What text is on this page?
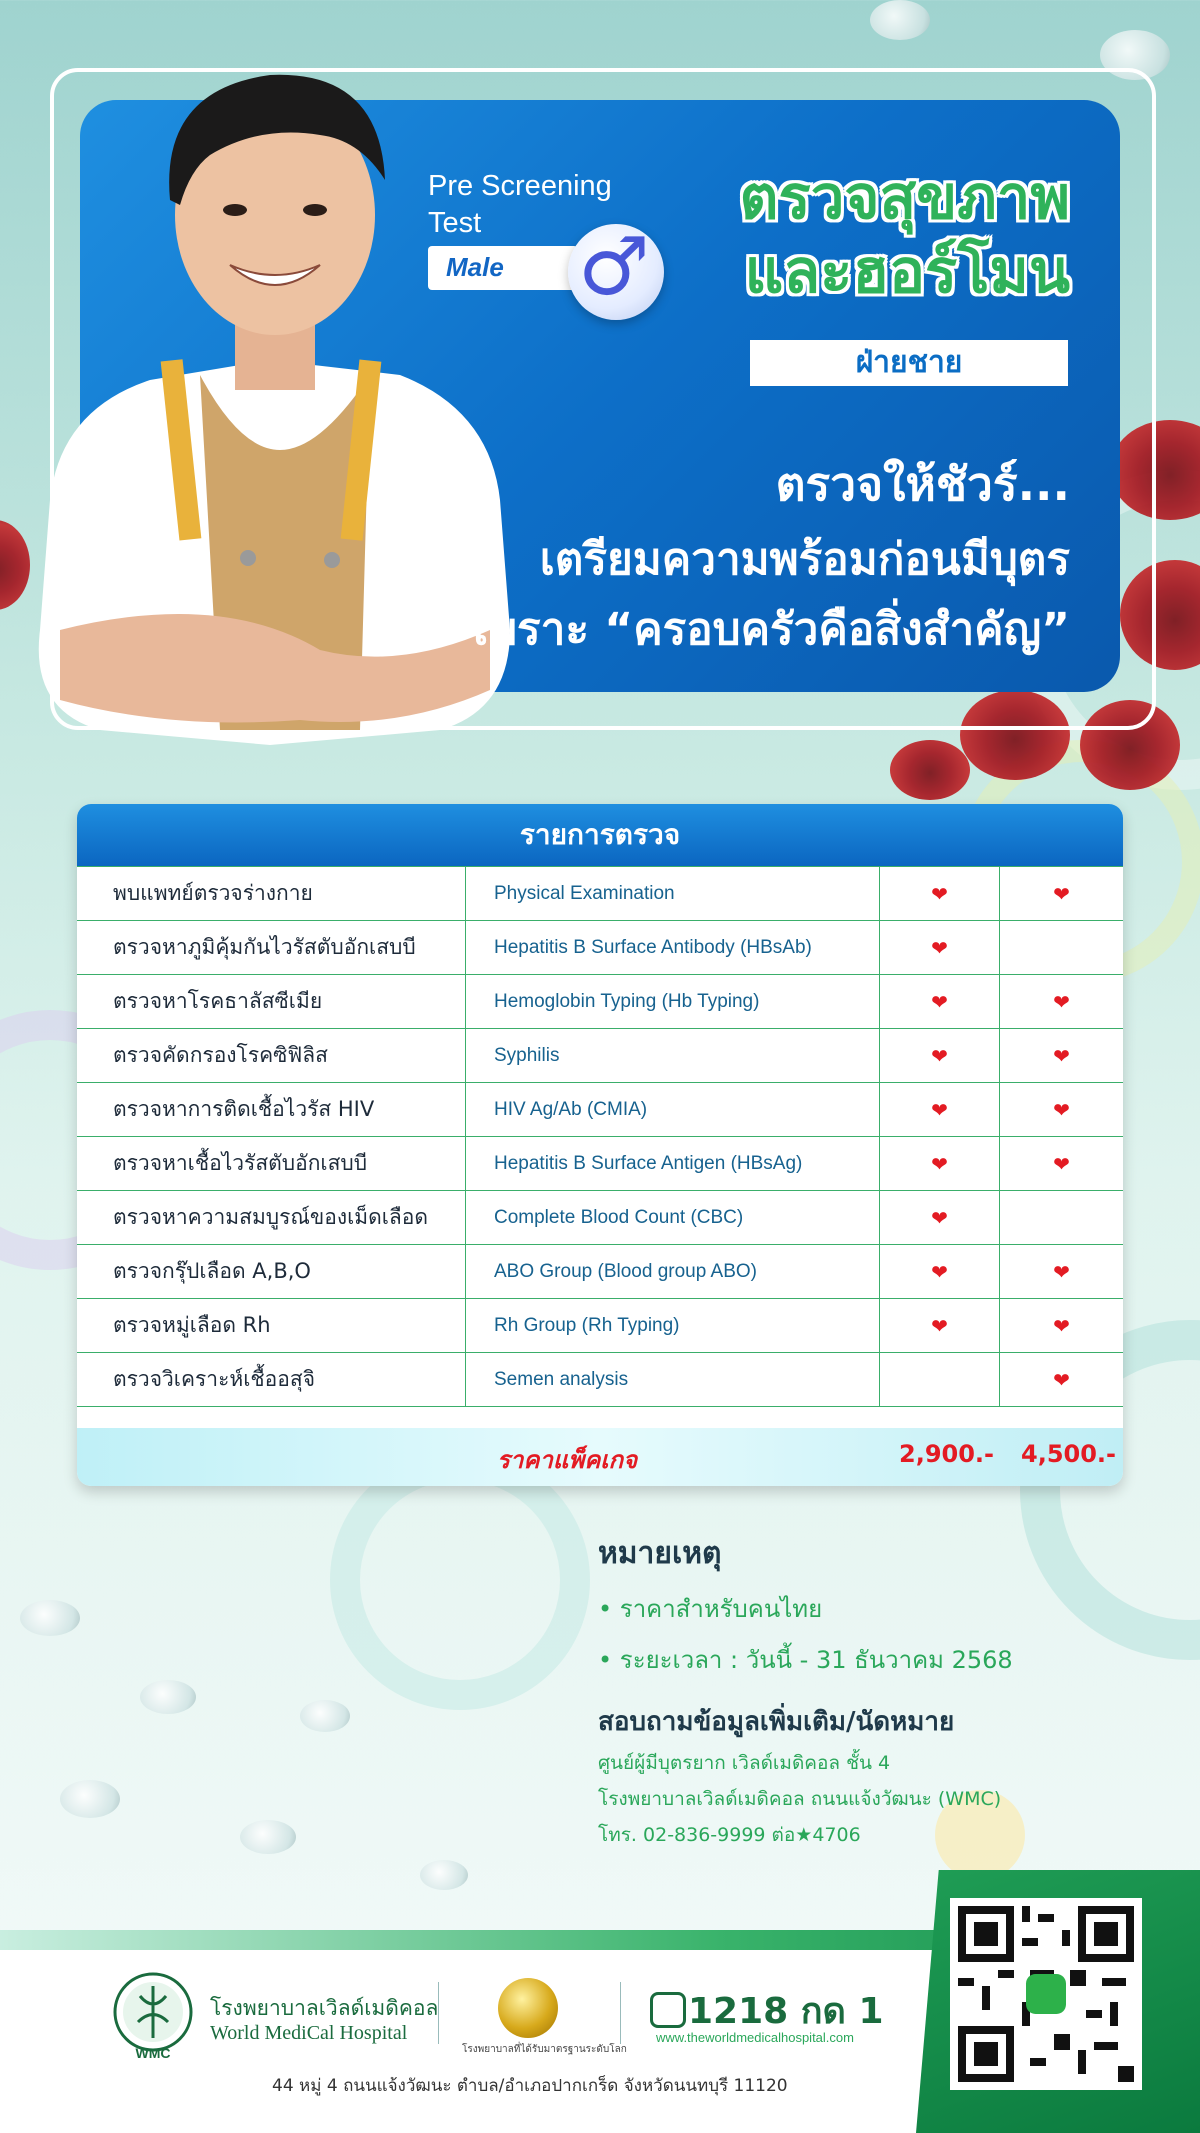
Pre Screening Test
Male ♂
ตรวจสุขภาพ
และฮอร์โมน
ฝ่ายชาย
ตรวจให้ชัวร์...
เตรียมความพร้อมก่อนมีบุตร
เพราะ “ครอบครัวคือสิ่งสำคัญ”
รายการตรวจ
พบแพทย์ตรวจร่างกาย	Physical Examination	❤	❤
ตรวจหาภูมิคุ้มกันไวรัสตับอักเสบบี	Hepatitis B Surface Antibody (HBsAb)	❤	
ตรวจหาโรคธาลัสซีเมีย	Hemoglobin Typing (Hb Typing)	❤	❤
ตรวจคัดกรองโรคซิฟิลิส	Syphilis	❤	❤
ตรวจหาการติดเชื้อไวรัส HIV	HIV Ag/Ab (CMIA)	❤	❤
ตรวจหาเชื้อไวรัสตับอักเสบบี	Hepatitis B Surface Antigen (HBsAg)	❤	❤
ตรวจหาความสมบูรณ์ของเม็ดเลือด	Complete Blood Count (CBC)	❤	
ตรวจกรุ๊ปเลือด A,B,O	ABO Group (Blood group ABO)	❤	❤
ตรวจหมู่เลือด Rh	Rh Group (Rh Typing)	❤	❤
ตรวจวิเคราะห์เชื้ออสุจิ	Semen analysis		❤
ราคาแพ็คเกจ	2,900.- 4,500.-
หมายเหตุ
• ราคาสำหรับคนไทย
• ระยะเวลา : วันนี้ - 31 ธันวาคม 2568
สอบถามข้อมูลเพิ่มเติม/นัดหมาย
ศูนย์ผู้มีบุตรยาก เวิลด์เมดิคอล ชั้น 4
โรงพยาบาลเวิลด์เมดิคอล ถนนแจ้งวัฒนะ (WMC)
โทร. 02-836-9999 ต่อ★4706
WMC
โรงพยาบาลเวิลด์เมดิคอล
World MediCal Hospital
โรงพยาบาลที่ได้รับมาตรฐานระดับโลก
1218 กด 1
www.theworldmedicalhospital.com
44 หมู่ 4 ถนนแจ้งวัฒนะ ตำบล/อำเภอปากเกร็ด จังหวัดนนทบุรี 11120
